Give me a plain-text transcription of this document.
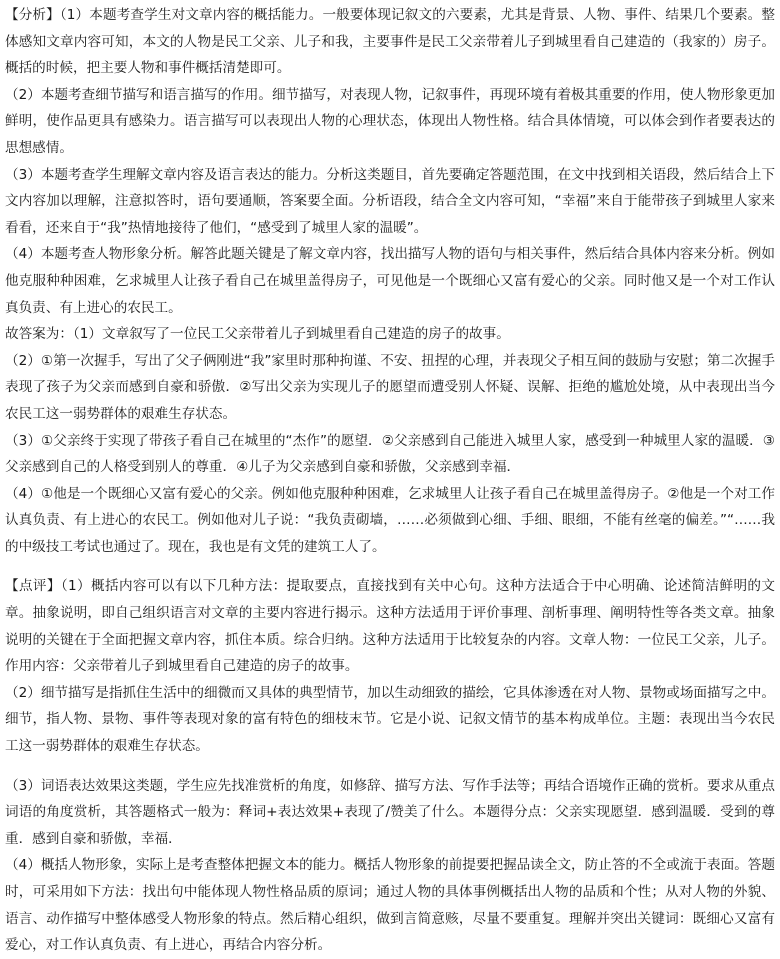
【分析】（1）本题考查学生对文章内容的概括能力。一般要体现记叙文的六要素，尤其是背景、人物、事件、结果几个要素。整体感知文章内容可知，本文的人物是民工父亲、儿子和我，主要事件是民工父亲带着儿子到城里看自己建造的（我家的）房子。概括的时候，把主要人物和事件概括清楚即可。

（2）本题考查细节描写和语言描写的作用。细节描写，对表现人物，记叙事件，再现环境有着极其重要的作用，使人物形象更加鲜明，使作品更具有感染力。语言描写可以表现出人物的心理状态，体现出人物性格。结合具体情境，可以体会到作者要表达的思想感情。

（3）本题考查学生理解文章内容及语言表达的能力。分析这类题目，首先要确定答题范围，在文中找到相关语段，然后结合上下文内容加以理解，注意拟答时，语句要通顺，答案要全面。分析语段，结合全文内容可知，“幸福”来自于能带孩子到城里人家来看看，还来自于“我”热情地接待了他们，“感受到了城里人家的温暖”。

（4）本题考查人物形象分析。解答此题关键是了解文章内容，找出描写人物的语句与相关事件，然后结合具体内容来分析。例如他克服种种困难，乞求城里人让孩子看自己在城里盖得房子，可见他是一个既细心又富有爱心的父亲。同时他又是一个对工作认真负责、有上进心的农民工。

故答案为：（1）文章叙写了一位民工父亲带着儿子到城里看自己建造的房子的故事。

（2）①第一次握手，写出了父子俩刚进“我”家里时那种拘谨、不安、扭捏的心理，并表现父子相互间的鼓励与安慰；第二次握手表现了孩子为父亲而感到自豪和骄傲．②写出父亲为实现儿子的愿望而遭受别人怀疑、误解、拒绝的尴尬处境，从中表现出当今农民工这一弱势群体的艰难生存状态。

（3）①父亲终于实现了带孩子看自己在城里的“杰作”的愿望．②父亲感到自己能进入城里人家，感受到一种城里人家的温暖．③父亲感到自己的人格受到别人的尊重．④儿子为父亲感到自豪和骄傲，父亲感到幸福．

（4）①他是一个既细心又富有爱心的父亲。例如他克服种种困难，乞求城里人让孩子看自己在城里盖得房子。②他是一个对工作认真负责、有上进心的农民工。例如他对儿子说：“我负责砌墙，……必须做到心细、手细、眼细，不能有丝毫的偏差。”“……我的中级技工考试也通过了。现在，我也是有文凭的建筑工人了。

【点评】（1）概括内容可以有以下几种方法：提取要点，直接找到有关中心句。这种方法适合于中心明确、论述简洁鲜明的文章。抽象说明，即自己组织语言对文章的主要内容进行揭示。这种方法适用于评价事理、剖析事理、阐明特性等各类文章。抽象说明的关键在于全面把握文章内容，抓住本质。综合归纳。这种方法适用于比较复杂的内容。文章人物：一位民工父亲，儿子。作用内容：父亲带着儿子到城里看自己建造的房子的故事。

（2）细节描写是指抓住生活中的细微而又具体的典型情节，加以生动细致的描绘，它具体渗透在对人物、景物或场面描写之中。细节，指人物、景物、事件等表现对象的富有特色的细枝末节。它是小说、记叙文情节的基本构成单位。主题：表现出当今农民工这一弱势群体的艰难生存状态。

（3）词语表达效果这类题，学生应先找准赏析的角度，如修辞、描写方法、写作手法等；再结合语境作正确的赏析。要求从重点词语的角度赏析，其答题格式一般为：释词+表达效果+表现了/赞美了什么。本题得分点：父亲实现愿望．感到温暖．受到的尊重．感到自豪和骄傲，幸福．

（4）概括人物形象，实际上是考查整体把握文本的能力。概括人物形象的前提要把握品读全文，防止答的不全或流于表面。答题时，可采用如下方法：找出句中能体现人物性格品质的原词；通过人物的具体事例概括出人物的品质和个性；从对人物的外貌、语言、动作描写中整体感受人物形象的特点。然后精心组织，做到言简意赅，尽量不要重复。理解并突出关键词：既细心又富有爱心，对工作认真负责、有上进心，再结合内容分析。
